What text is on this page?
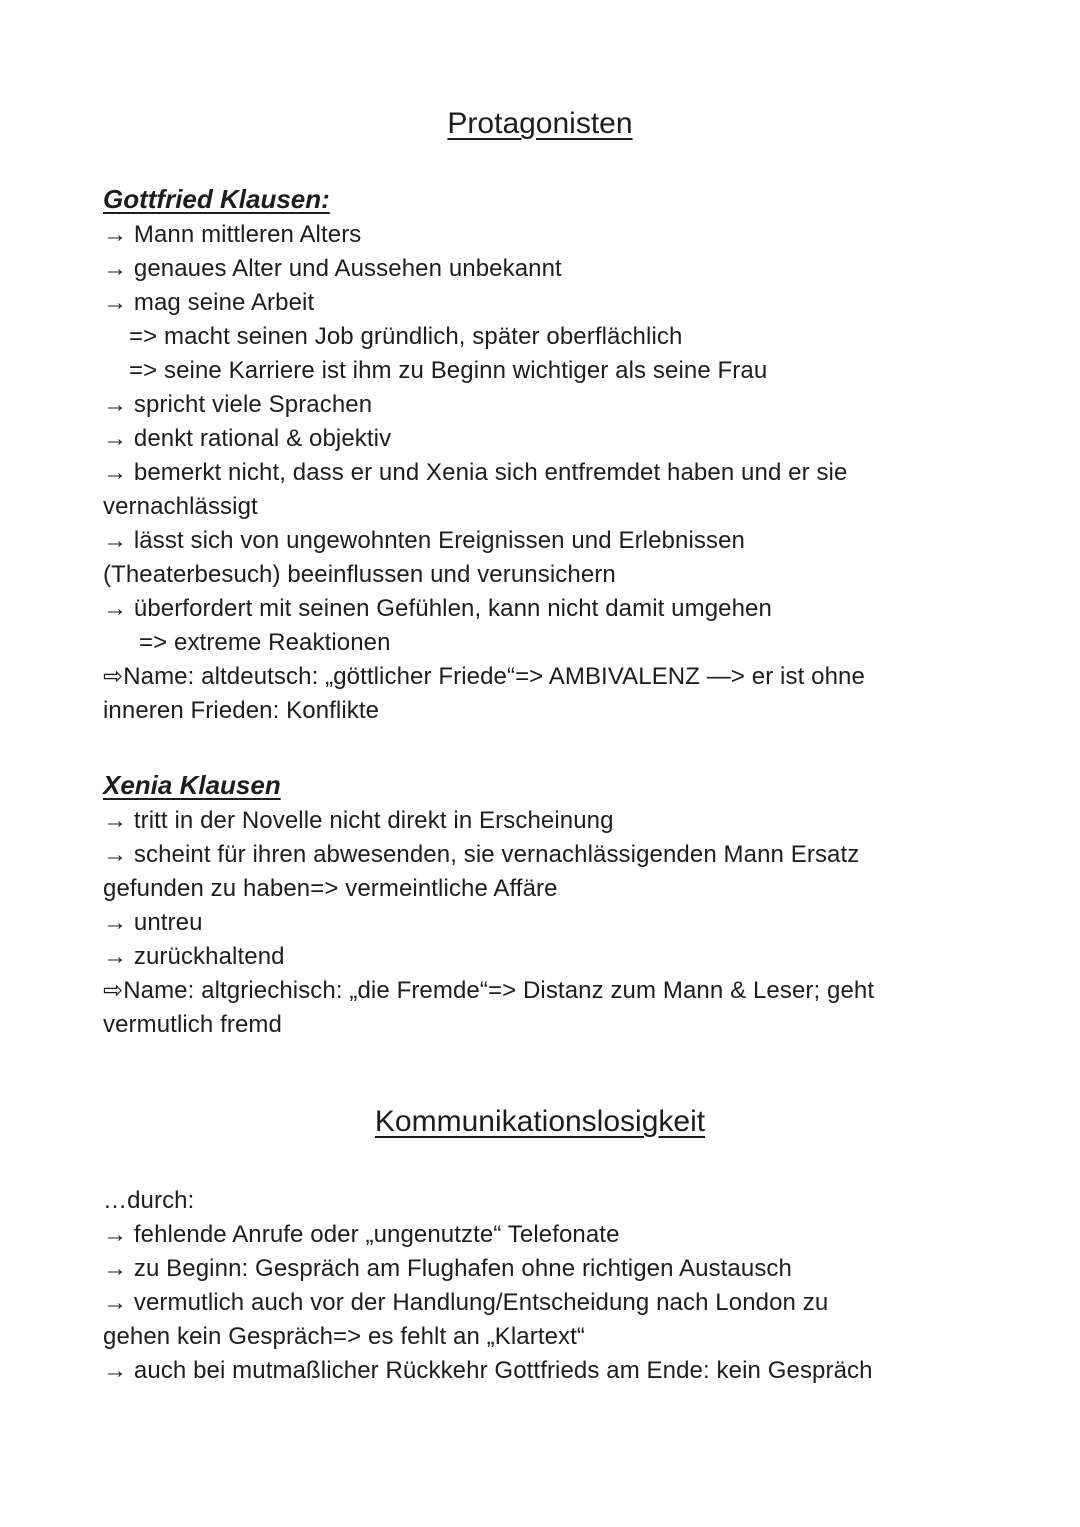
Protagonisten
Gottfried Klausen:
→ Mann mittleren Alters
→ genaues Alter und Aussehen unbekannt
→ mag seine Arbeit
=> macht seinen Job gründlich, später oberflächlich
=> seine Karriere ist ihm zu Beginn wichtiger als seine Frau
→ spricht viele Sprachen
→ denkt rational & objektiv
→ bemerkt nicht, dass er und Xenia sich entfremdet haben und er sie
vernachlässigt
→ lässt sich von ungewohnten Ereignissen und Erlebnissen
(Theaterbesuch) beeinflussen und verunsichern
→ überfordert mit seinen Gefühlen, kann nicht damit umgehen
=> extreme Reaktionen
⇨Name: altdeutsch: „göttlicher Friede“=> AMBIVALENZ —> er ist ohne
inneren Frieden: Konflikte
Xenia Klausen
→ tritt in der Novelle nicht direkt in Erscheinung
→ scheint für ihren abwesenden, sie vernachlässigenden Mann Ersatz
gefunden zu haben=> vermeintliche Affäre
→ untreu
→ zurückhaltend
⇨Name: altgriechisch: „die Fremde“=> Distanz zum Mann & Leser; geht
vermutlich fremd
Kommunikationslosigkeit
…durch:
→ fehlende Anrufe oder „ungenutzte“ Telefonate
→ zu Beginn: Gespräch am Flughafen ohne richtigen Austausch
→ vermutlich auch vor der Handlung/Entscheidung nach London zu
gehen kein Gespräch=> es fehlt an „Klartext“
→ auch bei mutmaßlicher Rückkehr Gottfrieds am Ende: kein Gespräch
